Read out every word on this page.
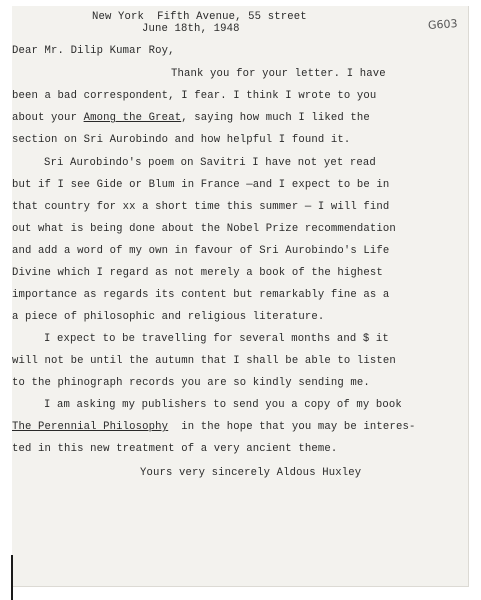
G603
New York  Fifth Avenue, 55 street
June 18th, 1948
Dear Mr. Dilip Kumar Roy,
Thank you for your letter. I have
been a bad correspondent, I fear. I think I wrote to you
about your Among the Great, saying how much I liked the
section on Sri Aurobindo and how helpful I found it.
Sri Aurobindo's poem on Savitri I have not yet read
but if I see Gide or Blum in France —and I expect to be in
that country for xx a short time this summer — I will find
out what is being done about the Nobel Prize recommendation
and add a word of my own in favour of Sri Aurobindo's Life
Divine which I regard as not merely a book of the highest
importance as regards its content but remarkably fine as a
a piece of philosophic and religious literature.
I expect to be travelling for several months and $ it
will not be until the autumn that I shall be able to listen
to the phinograph records you are so kindly sending me.
I am asking my publishers to send you a copy of my book
The Perennial Philosophy  in the hope that you may be interes-
ted in this new treatment of a very ancient theme.
Yours very sincerely Aldous Huxley
